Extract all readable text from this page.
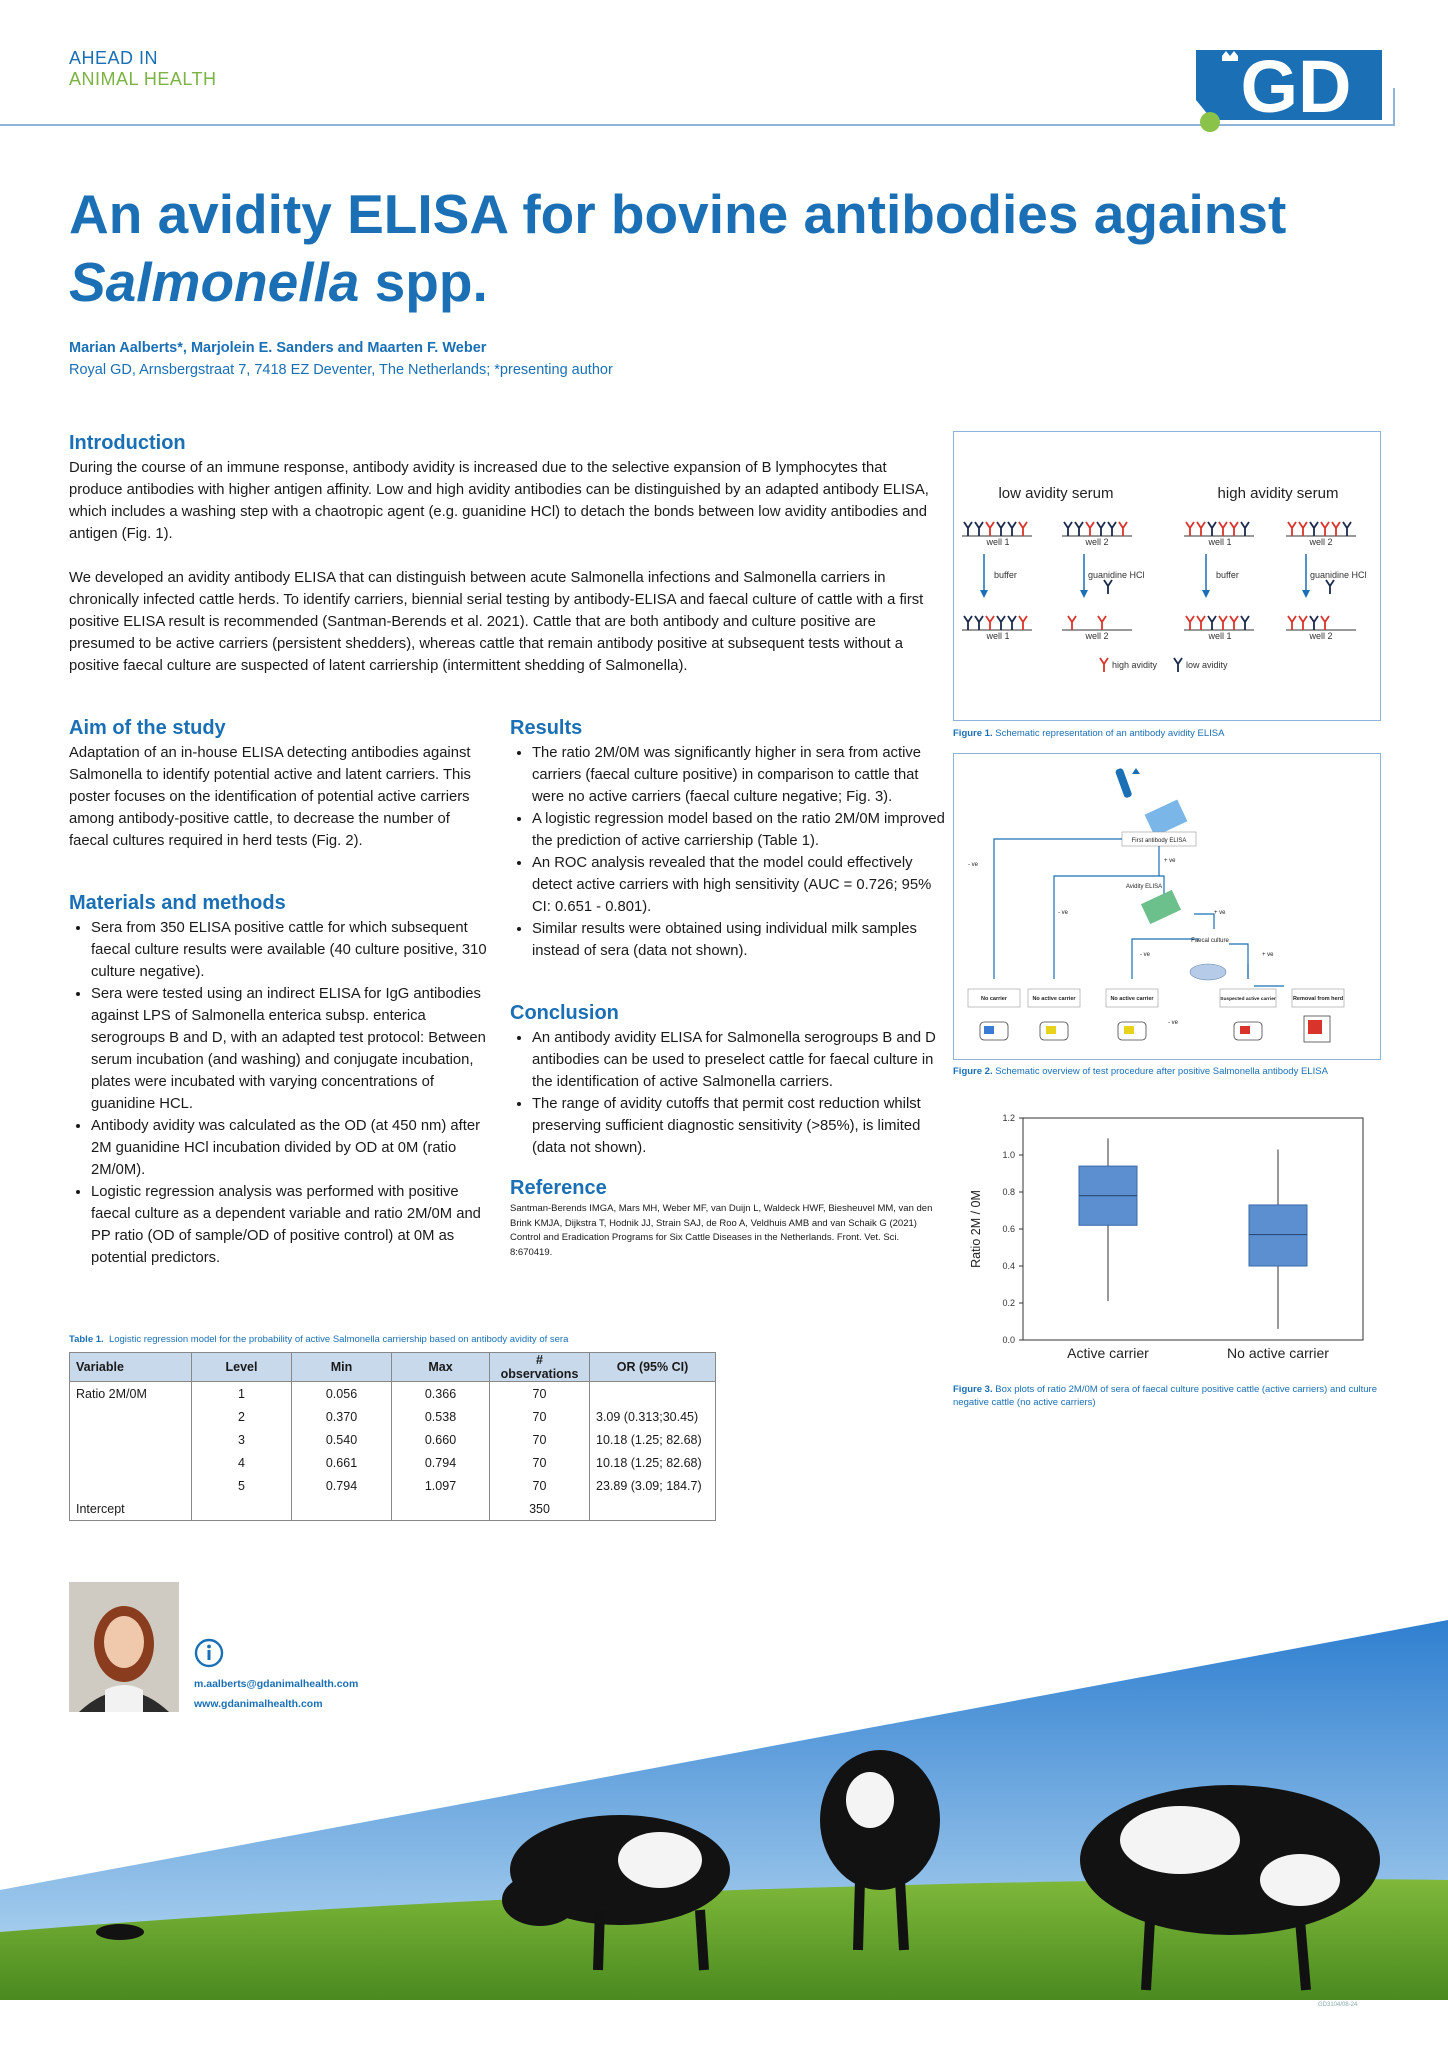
AHEAD IN
ANIMAL HEALTH	GD
An avidity ELISA for bovine antibodies against
Salmonella spp.
Marian Aalberts*, Marjolein E. Sanders and Maarten F. Weber
Royal GD, Arnsbergstraat 7, 7418 EZ Deventer, The Netherlands; *presenting author
Introduction

During the course of an immune response, antibody avidity is increased due to the selective expansion of B lymphocytes that produce antibodies with higher antigen affinity. Low and high avidity antibodies can be distinguished by an adapted antibody ELISA, which includes a washing step with a chaotropic agent (e.g. guanidine HCl) to detach the bonds between low avidity antibodies and antigen (Fig. 1).

We developed an avidity antibody ELISA that can distinguish between acute Salmonella infections and Salmonella carriers in chronically infected cattle herds. To identify carriers, biennial serial testing by antibody-ELISA and faecal culture of cattle with a first positive ELISA result is recommended (Santman-Berends et al. 2021). Cattle that are both antibody and culture positive are presumed to be active carriers (persistent shedders), whereas cattle that remain antibody positive at subsequent tests without a positive faecal culture are suspected of latent carriership (intermittent shedding of Salmonella).

Aim of the study

Adaptation of an in-house ELISA detecting antibodies against Salmonella to identify potential active and latent carriers. This poster focuses on the identification of potential active carriers among antibody-positive cattle, to decrease the number of faecal cultures required in herd tests (Fig. 2).

Materials and methods
• Sera from 350 ELISA positive cattle for which subsequent faecal culture results were available (40 culture positive, 310 culture negative).
• Sera were tested using an indirect ELISA for IgG antibodies against LPS of Salmonella enterica subsp. enterica serogroups B and D, with an adapted test protocol: Between serum incubation (and washing) and conjugate incubation, plates were incubated with varying concentrations of guanidine HCL.
• Antibody avidity was calculated as the OD (at 450 nm) after 2M guanidine HCl incubation divided by OD at 0M (ratio 2M/0M).
• Logistic regression analysis was performed with positive faecal culture as a dependent variable and ratio 2M/0M and PP ratio (OD of sample/OD of positive control) at 0M as potential predictors.
Results
• The ratio 2M/0M was significantly higher in sera from active carriers (faecal culture positive) in comparison to cattle that were no active carriers (faecal culture negative; Fig. 3).
• A logistic regression model based on the ratio 2M/0M improved the prediction of active carriership (Table 1).
• An ROC analysis revealed that the model could effectively detect active carriers with high sensitivity (AUC = 0.726; 95% CI: 0.651 - 0.801).
• Similar results were obtained using individual milk samples instead of sera (data not shown).
Conclusion
• An antibody avidity ELISA for Salmonella serogroups B and D antibodies can be used to preselect cattle for faecal culture in the identification of active Salmonella carriers.
• The range of avidity cutoffs that permit cost reduction whilst preserving sufficient diagnostic sensitivity (>85%), is limited (data not shown).
Reference

Santman-Berends IMGA, Mars MH, Weber MF, van Duijn L, Waldeck HWF, Biesheuvel MM, van den Brink KMJA, Dijkstra T, Hodnik JJ, Strain SAJ, de Roo A, Veldhuis AMB and van Schaik G (2021) Control and Eradication Programs for Six Cattle Diseases in the Netherlands. Front. Vet. Sci. 8:670419.

low avidity serum	high avidity serum
well 1	well 2	well 1	well 2
well 1	well 2	well 1	well 2
buffer	guanidine HCl	buffer	guanidine HCl
high avidity	low avidity
Figure 1. Schematic representation of an antibody avidity ELISA
First antibody ELISA
- ve
+ ve
Avidity ELISA
- ve	+ ve
Faecal culture
- ve	+ ve
No carrier	No active carrier	No active carrier	Suspected active carrier	Removal from herd
- ve
Figure 2. Schematic overview of test procedure after positive Salmonella antibody ELISA
Ratio 2M / 0M
0.0
0.2
0.4
0.6
0.8
1.0
1.2
Active carrier	No active carrier
Figure 3. Box plots of ratio 2M/0M of sera of faecal culture positive cattle (active carriers) and culture negative cattle (no active carriers)
Table 1. Logistic regression model for the probability of active Salmonella carriership based on antibody avidity of sera
Variable	Level	Min	Max	# observations	OR (95% CI)
Ratio 2M/0M	1	0.056	0.366	70	
	2	0.370	0.538	70	3.09 (0.313;30.45)
	3	0.540	0.660	70	10.18 (1.25; 82.68)
	4	0.661	0.794	70	10.18 (1.25; 82.68)
	5	0.794	1.097	70	23.89 (3.09; 184.7)
Intercept				350	
m.aalberts@gdanimalhealth.com
www.gdanimalhealth.com
GD3104/08-24
